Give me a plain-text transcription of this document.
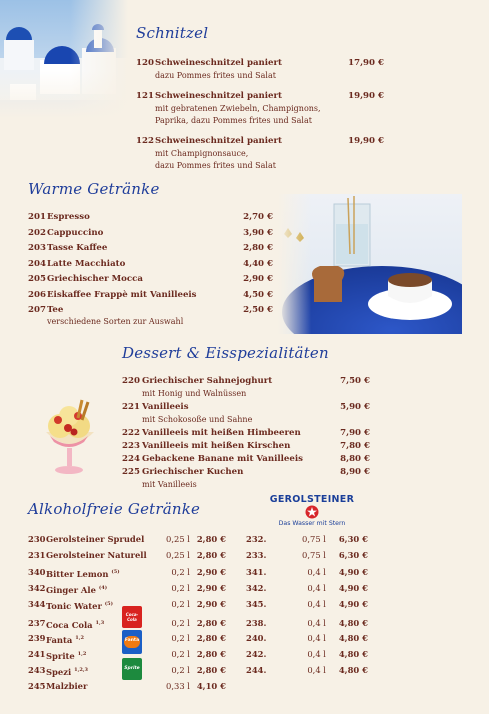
Schnitzel
120 Schweineschnitzel paniert	17,90 €
dazu Pommes frites und Salat
121 Schweineschnitzel paniert	19,90 €
mit gebratenen Zwiebeln, Champignons,
Paprika, dazu Pommes frites und Salat
122 Schweineschnitzel paniert	19,90 €
mit Champignonsauce,
dazu Pommes frites und Salat
Warme Getränke
201 Espresso	2,70 €
202 Cappuccino	3,90 €
203 Tasse Kaffee	2,80 €
204 Latte Macchiato	4,40 €
205 Griechischer Mocca	2,90 €
206 Eiskaffee Frappè mit Vanilleeis	4,50 €
207 Tee	2,50 €
verschiedene Sorten zur Auswahl
Dessert & Eisspezialitäten
220 Griechischer Sahnejoghurt	7,50 €
mit Honig und Walnüssen
221 Vanilleeis	5,90 €
mit Schokosoße und Sahne
222 Vanilleeis mit heißen Himbeeren	7,90 €
223 Vanilleeis mit heißen Kirschen	7,80 €
224 Gebackene Banane mit Vanilleeis	8,80 €
225 Griechischer Kuchen	8,90 €
mit Vanilleeis
Alkoholfreie Getränke
GEROLSTEINER
Das Wasser mit Stern
Coca-Cola
Fanta
Sprite
230 Gerolsteiner Sprudel	0,25 l 2,80 € 232.	0,75 l	6,30 €
231 Gerolsteiner Naturell	0,25 l 2,80 € 233.	0,75 l	6,30 €
340 Bitter Lemon $^{(5)}$	0,2 l 2,90 € 341.	0,4 l	4,90 €
342 Ginger Ale $^{(4)}$	0,2 l 2,90 € 342.	0,4 l	4,90 €
344 Tonic Water $^{(5)}$	0,2 l 2,90 € 345.	0,4 l	4,90 €
237 Coca Cola $^{1,3}$	0,2 l 2,80 € 238.	0,4 l	4,80 €
239 Fanta $^{1,2}$	0,2 l 2,80 € 240.	0,4 l	4,80 €
241 Sprite $^{1,2}$	0,2 l 2,80 € 242.	0,4 l	4,80 €
243 Spezi $^{1,2,3}$	0,2 l 2,80 € 244.	0,4 l	4,80 €
245 Malzbier	0,33 l 4,10 €
